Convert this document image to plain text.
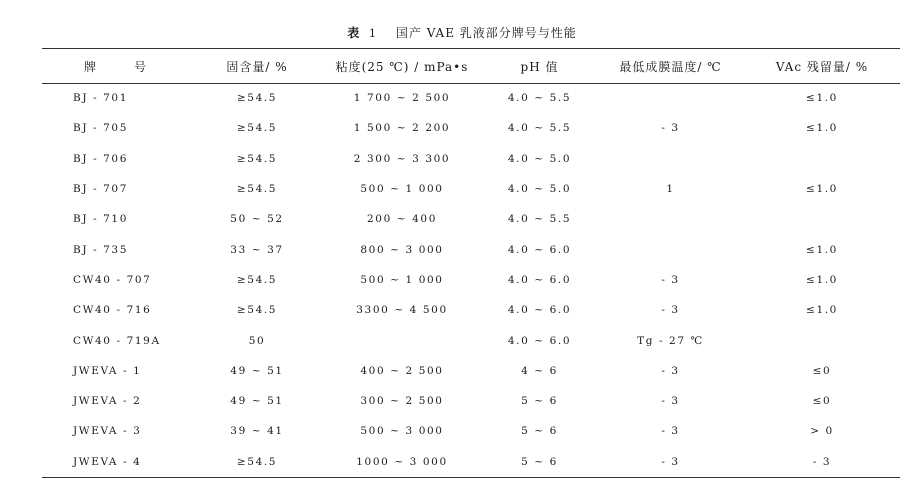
表 1 国产 VAE 乳液部分牌号与性能
牌号	固含量/ %	粘度(25 ℃) / mPa•s	pH 值	最低成膜温度/ ℃	VAc 残留量/ %
BJ - 701	≥54.5	1 700 ~ 2 500	4.0 ~ 5.5		≤1.0
BJ - 705	≥54.5	1 500 ~ 2 200	4.0 ~ 5.5	- 3	≤1.0
BJ - 706	≥54.5	2 300 ~ 3 300	4.0 ~ 5.0		
BJ - 707	≥54.5	500 ~ 1 000	4.0 ~ 5.0	1	≤1.0
BJ - 710	50 ~ 52	200 ~ 400	4.0 ~ 5.5		
BJ - 735	33 ~ 37	800 ~ 3 000	4.0 ~ 6.0		≤1.0
CW40 - 707	≥54.5	500 ~ 1 000	4.0 ~ 6.0	- 3	≤1.0
CW40 - 716	≥54.5	3300 ~ 4 500	4.0 ~ 6.0	- 3	≤1.0
CW40 - 719A	50		4.0 ~ 6.0	Tg - 27 ℃	
JWEVA - 1	49 ~ 51	400 ~ 2 500	4 ~ 6	- 3	≤0
JWEVA - 2	49 ~ 51	300 ~ 2 500	5 ~ 6	- 3	≤0
JWEVA - 3	39 ~ 41	500 ~ 3 000	5 ~ 6	- 3	> 0
JWEVA - 4	≥54.5	1000 ~ 3 000	5 ~ 6	- 3	- 3
